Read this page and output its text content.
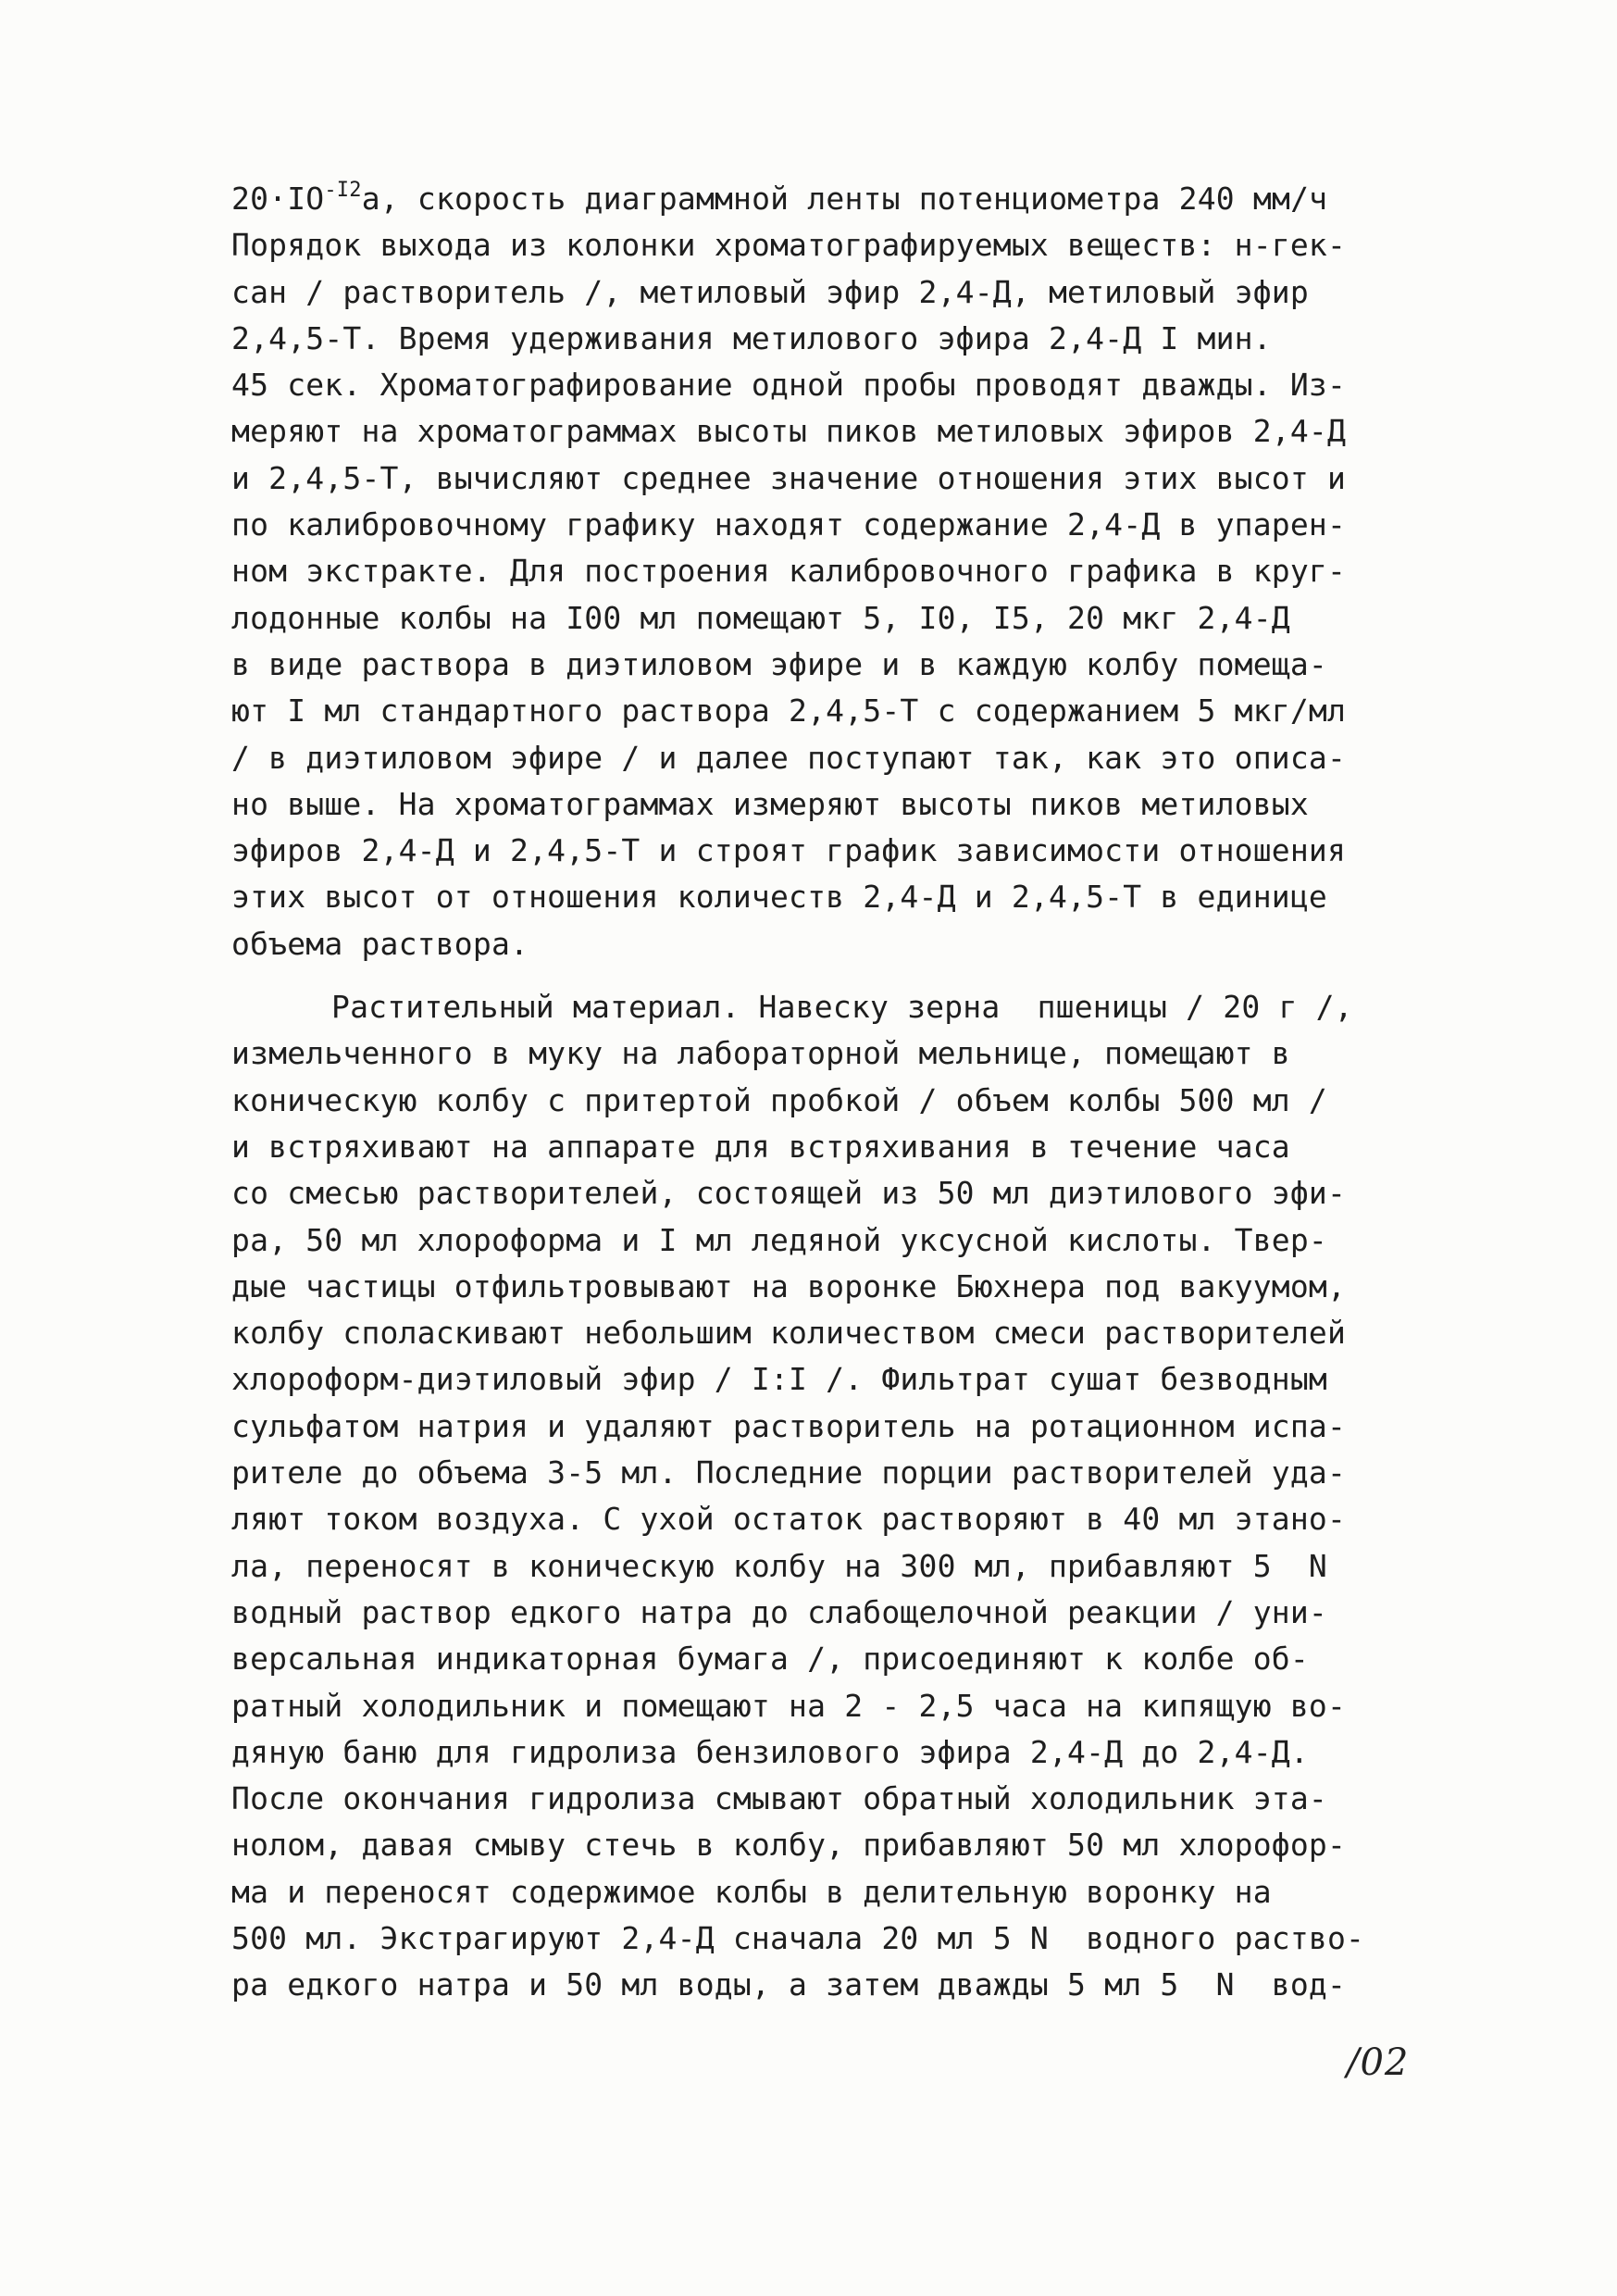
$20\cdot IO^{-I2}a$, скорость диаграммной ленты потенциометра 240 мм/ч
Порядок выхода из колонки хроматографируемых веществ: н-гек-
сан / растворитель /, метиловый эфир 2,4-Д, метиловый эфир
2,4,5-Т. Время удерживания метилового эфира 2,4-Д I мин.
45 сек. Хроматографирование одной пробы проводят дважды. Из-
меряют на хроматограммах высоты пиков метиловых эфиров 2,4-Д
и 2,4,5-Т, вычисляют среднее значение отношения этих высот и
по калибровочному графику находят содержание 2,4-Д в упарен-
ном экстракте. Для построения калибровочного графика в круг-
лодонные колбы на I00 мл помещают 5, I0, I5, 20 мкг 2,4-Д
в виде раствора в диэтиловом эфире и в каждую колбу помеща-
ют I мл стандартного раствора 2,4,5-Т с содержанием 5 мкг/мл
/ в диэтиловом эфире / и далее поступают так, как это описа-
но выше. На хроматограммах измеряют высоты пиков метиловых
эфиров 2,4-Д и 2,4,5-Т и строят график зависимости отношения
этих высот от отношения количеств 2,4-Д и 2,4,5-Т в единице
объема раствора.
Растительный материал. Навеску зерна  пшеницы / 20 г /,
измельченного в муку на лабораторной мельнице, помещают в
коническую колбу с притертой пробкой / объем колбы 500 мл /
и встряхивают на аппарате для встряхивания в течение часа
со смесью растворителей, состоящей из 50 мл диэтилового эфи-
ра, 50 мл хлороформа и I мл ледяной уксусной кислоты. Твер-
дые частицы отфильтровывают на воронке Бюхнера под вакуумом,
колбу споласкивают небольшим количеством смеси растворителей
хлороформ-диэтиловый эфир / I:I /. Фильтрат сушат безводным
сульфатом натрия и удаляют растворитель на ротационном испа-
рителе до объема 3-5 мл. Последние порции растворителей уда-
ляют током воздуха. С ухой остаток растворяют в 40 мл этано-
ла, переносят в коническую колбу на 300 мл, прибавляют 5  N
водный раствор едкого натра до слабощелочной реакции / уни-
версальная индикаторная бумага /, присоединяют к колбе об-
ратный холодильник и помещают на 2 - 2,5 часа на кипящую во-
дяную баню для гидролиза бензилового эфира 2,4-Д до 2,4-Д.
После окончания гидролиза смывают обратный холодильник эта-
нолом, давая смыву стечь в колбу, прибавляют 50 мл хлорофор-
ма и переносят содержимое колбы в делительную воронку на
500 мл. Экстрагируют 2,4-Д сначала 20 мл 5 N  водного раство-
ра едкого натра и 50 мл воды, а затем дважды 5 мл 5  N  вод-
/02
